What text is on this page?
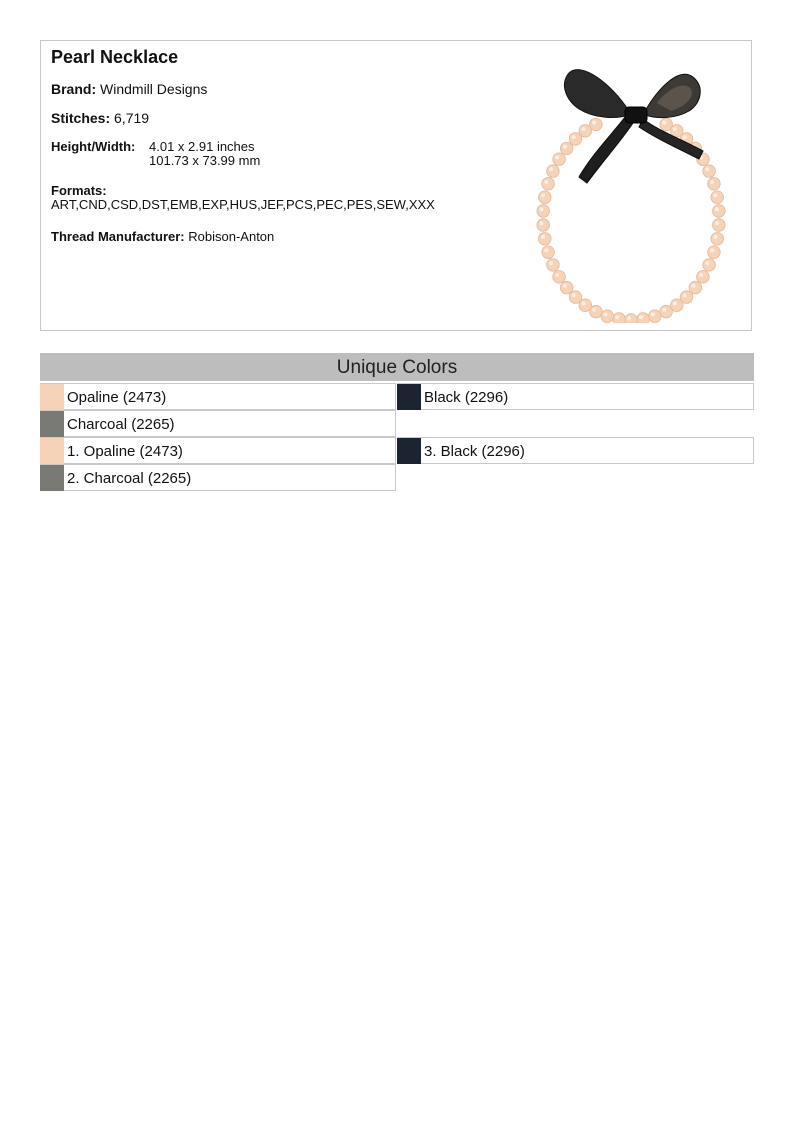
Pearl Necklace
Brand: Windmill Designs
Stitches: 6,719
Height/Width: 4.01 x 2.91 inches
101.73 x 73.99 mm
Formats:
ART,CND,CSD,DST,EMB,EXP,HUS,JEF,PCS,PEC,PES,SEW,XXX
Thread Manufacturer: Robison-Anton
Unique Colors
Opaline (2473)	Black (2296)
Charcoal (2265)
1. Opaline (2473)	3. Black (2296)
2. Charcoal (2265)
